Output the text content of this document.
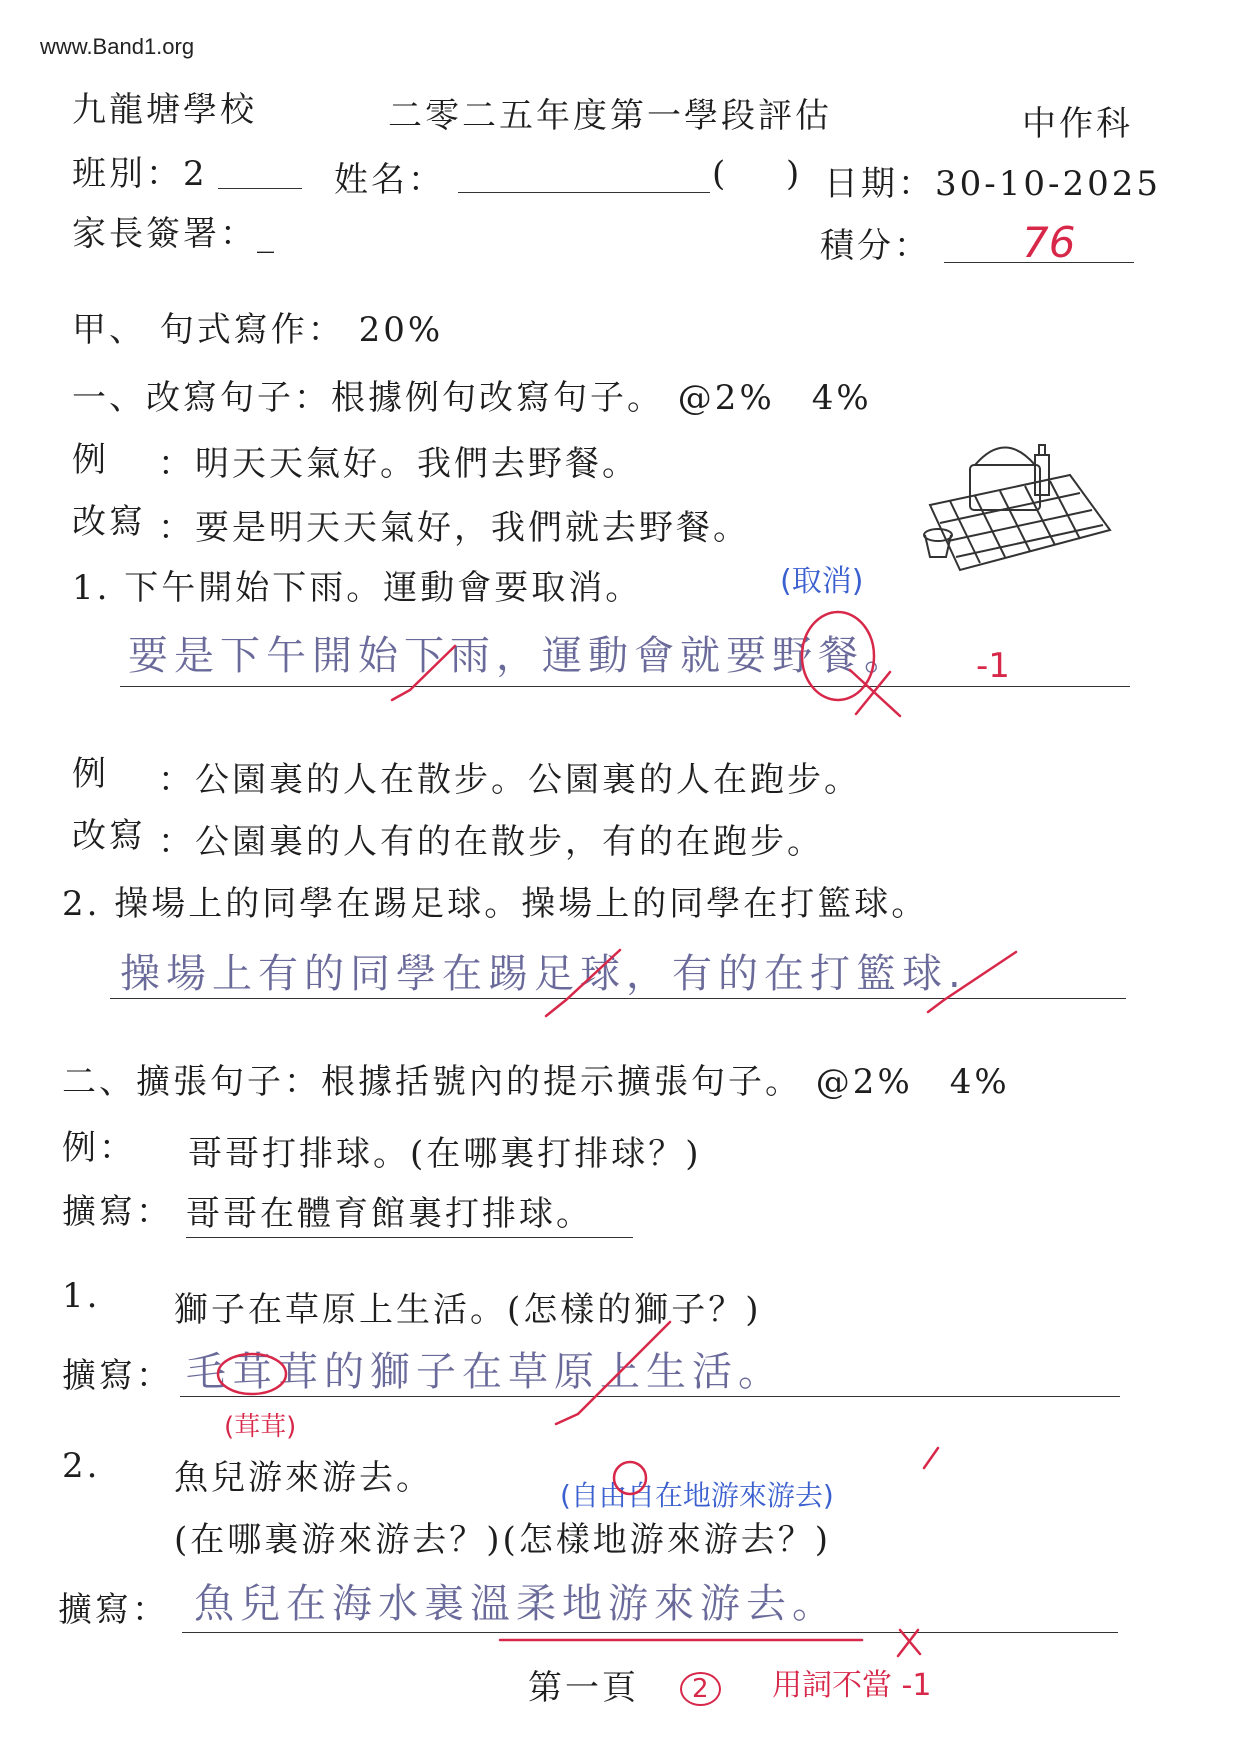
www.Band1.org
九龍塘學校	二零二五年度第一學段評估	中作科
班別：2	姓名：	( ) 日期：30-10-2025
家長簽署：_	積分： 76
甲、 句式寫作： 20%
一、改寫句子：根據例句改寫句子。 @2%　4%
例 ：明天天氣好。我們去野餐。
改寫 ：要是明天天氣好，我們就去野餐。
1. 下午開始下雨。運動會要取消。	(取消)
要是下午開始下雨，運動會就要野餐。 -1
例 ：公園裏的人在散步。公園裏的人在跑步。
改寫 ：公園裏的人有的在散步，有的在跑步。
2. 操場上的同學在踢足球。操場上的同學在打籃球。
操場上有的同學在踢足球，有的在打籃球.
二、擴張句子：根據括號內的提示擴張句子。 @2%　4%
例： 哥哥打排球。(在哪裏打排球？)
擴寫： 哥哥在體育館裏打排球。
1. 獅子在草原上生活。(怎樣的獅子？)
擴寫： 毛茸茸的獅子在草原上生活。
(茸茸)
2. 魚兒游來游去。	(自由自在地游來游去)
(在哪裏游來游去？)(怎樣地游來游去？)
擴寫： 魚兒在海水裏溫柔地游來游去。
第一頁	2	用詞不當 -1
